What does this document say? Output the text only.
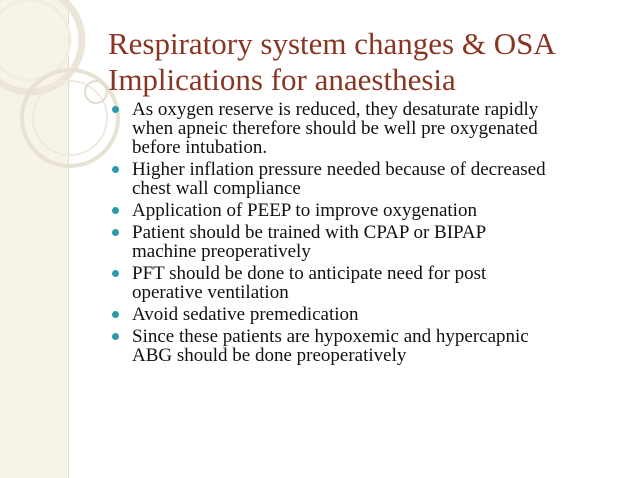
Respiratory system changes & OSA
Implications for anaesthesia
As oxygen reserve is reduced, they desaturate rapidly
when apneic therefore should be well pre oxygenated
before intubation.
Higher inflation pressure needed because of decreased
chest wall compliance
Application of PEEP to improve oxygenation
Patient should be trained with CPAP or BIPAP
machine preoperatively
PFT should be done to anticipate need for post
operative ventilation
Avoid sedative premedication
Since these patients are hypoxemic and hypercapnic
ABG should be done preoperatively
